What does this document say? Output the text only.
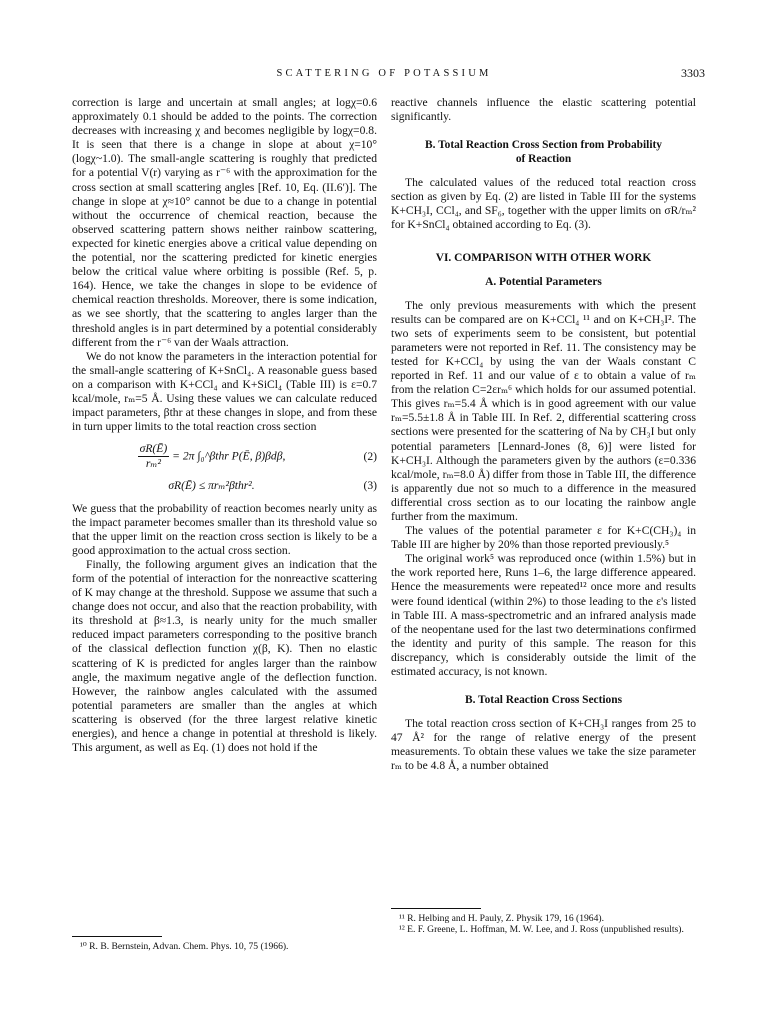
SCATTERING OF POTASSIUM	3303

correction is large and uncertain at small angles; at logχ=0.6 approximately 0.1 should be added to the points. The correction decreases with increasing χ and becomes negligible by logχ=0.8. It is seen that there is a change in slope at about χ=10° (logχ~1.0). The small-angle scattering is roughly that predicted for a potential V(r) varying as r⁻⁶ with the approximation for the cross section at small scattering angles [Ref. 10, Eq. (II.6′)]. The change in slope at χ≈10° cannot be due to a change in potential without the occurrence of chemical reaction, because the observed scattering pattern shows neither rainbow scattering, expected for kinetic energies above a critical value depending on the potential, nor the scattering predicted for kinetic energies below the critical value where orbiting is possible (Ref. 5, p. 164). Hence, we take the changes in slope to be evidence of chemical reaction thresholds. Moreover, there is some indication, as we see shortly, that the scattering to angles larger than the threshold angles is in part determined by a potential considerably different from the r⁻⁶ van der Waals attraction.

We do not know the parameters in the interaction potential for the small-angle scattering of K+SnCl₄. A reasonable guess based on a comparison with K+CCl₄ and K+SiCl₄ (Table III) is ε=0.7 kcal/mole, rₘ=5 Å. Using these values we can calculate reduced impact parameters, βthr at these changes in slope, and from these in turn upper limits to the total reaction cross section

$\frac{\sigma R(Ē)}{\text{rₘ²}} = 2\pi$ ∫₀^βthr P(Ē, β)βdβ,	(2)
σR(Ē) ≤ πrₘ²βthr².	(3)

We guess that the probability of reaction becomes nearly unity as the impact parameter becomes smaller than its threshold value so that the upper limit on the reaction cross section is likely to be a good approximation to the actual cross section.

Finally, the following argument gives an indication that the form of the potential of interaction for the nonreactive scattering of K may change at the threshold. Suppose we assume that such a change does not occur, and also that the reaction probability, with its threshold at β≈1.3, is nearly unity for the much smaller reduced impact parameters corresponding to the positive branch of the classical deflection function χ(β, K). Then no elastic scattering of K is predicted for angles larger than the rainbow angle, the maximum negative angle of the deflection function. However, the rainbow angles calculated with the assumed potential parameters are smaller than the angles at which scattering is observed (for the three largest relative kinetic energies), and hence a change in potential at threshold is likely. This argument, as well as Eq. (1) does not hold if the

¹⁰ R. B. Bernstein, Advan. Chem. Phys. 10, 75 (1966).

reactive channels influence the elastic scattering potential significantly.

B. Total Reaction Cross Section from Probability
of Reaction

The calculated values of the reduced total reaction cross section as given by Eq. (2) are listed in Table III for the systems K+CH₃I, CCl₄, and SF₆, together with the upper limits on σR/rₘ² for K+SnCl₄ obtained according to Eq. (3).

VI. COMPARISON WITH OTHER WORK
A. Potential Parameters

The only previous measurements with which the present results can be compared are on K+CCl₄ ¹¹ and on K+CH₃I². The two sets of experiments seem to be consistent, but potential parameters were not reported in Ref. 11. The consistency may be tested for K+CCl₄ by using the van der Waals constant C reported in Ref. 11 and our value of ε to obtain a value of rₘ from the relation C=2εrₘ⁶ which holds for our assumed potential. This gives rₘ=5.4 Å which is in good agreement with our value rₘ=5.5±1.8 Å in Table III. In Ref. 2, differential scattering cross sections were presented for the scattering of Na by CH₃I but only potential parameters [Lennard-Jones (8, 6)] were listed for K+CH₃I. Although the parameters given by the authors (ε=0.336 kcal/mole, rₘ=8.0 Å) differ from those in Table III, the difference is apparently due not so much to a difference in the measured differential cross section as to our locating the rainbow angle further from the maximum.

The values of the potential parameter ε for K+C(CH₃)₄ in Table III are higher by 20% than those reported previously.⁵

The original work⁵ was reproduced once (within 1.5%) but in the work reported here, Runs 1–6, the large difference appeared. Hence the measurements were repeated¹² once more and results were found identical (within 2%) to those leading to the ε's listed in Table III. A mass-spectrometric and an infrared analysis made of the neopentane used for the last two determinations confirmed the identity and purity of this sample. The reason for this discrepancy, which is considerably outside the limit of the estimated accuracy, is not known.

B. Total Reaction Cross Sections

The total reaction cross section of K+CH₃I ranges from 25 to 47 Å² for the range of relative energy of the present measurements. To obtain these values we take the size parameter rₘ to be 4.8 Å, a number obtained

¹¹ R. Helbing and H. Pauly, Z. Physik 179, 16 (1964).
¹² E. F. Greene, L. Hoffman, M. W. Lee, and J. Ross (unpublished results).
